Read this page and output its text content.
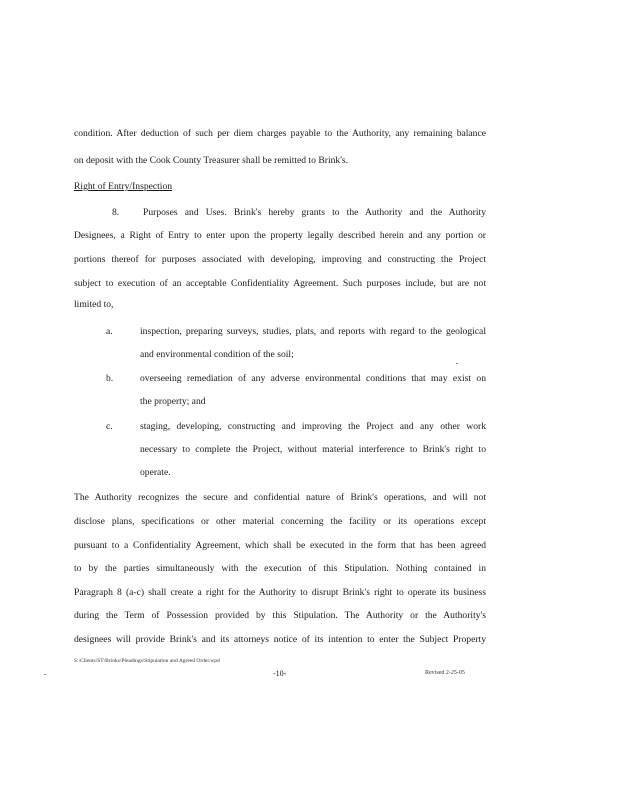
condition. After deduction of such per diem charges payable to the Authority, any remaining balance
on deposit with the Cook County Treasurer shall be remitted to Brink's.
Right of Entry/Inspection
8. Purposes and Uses. Brink's hereby grants to the Authority and the Authority
Designees, a Right of Entry to enter upon the property legally described herein and any portion or
portions thereof for purposes associated with developing, improving and constructing the Project
subject to execution of an acceptable Confidentiality Agreement. Such purposes include, but are not
limited to,
a.	inspection, preparing surveys, studies, plats, and reports with regard to the geological
and environmental condition of the soil;
b.	overseeing remediation of any adverse environmental conditions that may exist on
the property; and
c.	staging, developing, constructing and improving the Project and any other work
necessary to complete the Project, without material interference to Brink's right to
operate.
The Authority recognizes the secure and confidential nature of Brink's operations, and will not
disclose plans, specifications or other material concerning the facility or its operations except
pursuant to a Confidentiality Agreement, which shall be executed in the form that has been agreed
to by the parties simultaneously with the execution of this Stipulation. Nothing contained in
Paragraph 8 (a-c) shall create a right for the Authority to disrupt Brink's right to operate its business
during the Term of Possession provided by this Stipulation. The Authority or the Authority's
designees will provide Brink's and its attorneys notice of its intention to enter the Subject Property
S:\Clients\ST\Brinks\Pleadings\Stipulation and Agreed Order.wpd
-10-	Revised 2-25-05
